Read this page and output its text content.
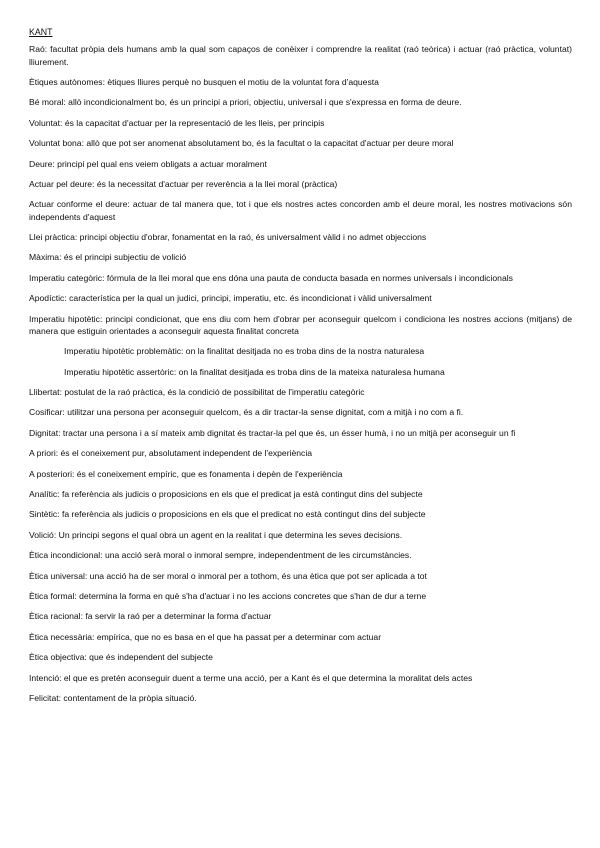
KANT
Raó: facultat pròpia dels humans amb la qual som capaços de conèixer i comprendre la realitat (raó teòrica) i actuar (raó pràctica, voluntat) lliurement.
Ètiques autònomes: ètiques lliures perquè no busquen el motiu de la voluntat fora d'aquesta
Bé moral: allò incondicionalment bo, és un principi a priori, objectiu, universal i que s'expressa en forma de deure.
Voluntat: és la capacitat d'actuar per la representació de les lleis, per principis
Voluntat bona: allò que pot ser anomenat absolutament bo, és la facultat o la capacitat d'actuar per deure moral
Deure: principi pel qual ens veiem obligats a actuar moralment
Actuar pel deure: és la necessitat d'actuar per reverència a la llei moral (pràctica)
Actuar conforme el deure: actuar de tal manera que, tot i que els nostres actes concorden amb el deure moral, les nostres motivacions són independents d'aquest
Llei pràctica: principi objectiu d'obrar, fonamentat en la raó, és universalment vàlid i no admet objeccions
Màxima: és el principi subjectiu de volició
Imperatiu categòric: fórmula de la llei moral que ens dóna una pauta de conducta basada en normes universals i incondicionals
Apodíctic: característica per la qual un judici, principi, imperatiu, etc. és incondicionat i vàlid universalment
Imperatiu hipotètic: principi condicionat, que ens diu com hem d'obrar per aconseguir quelcom i condiciona les nostres accions (mitjans) de manera que estiguin orientades a aconseguir aquesta finalitat concreta
Imperatiu hipotètic problemàtic: on la finalitat desitjada no es troba dins de la nostra naturalesa
Imperatiu hipotètic assertòric: on la finalitat desitjada es troba dins de la mateixa naturalesa humana
Llibertat: postulat de la raó pràctica, és la condició de possibilitat de l'imperatiu categòric
Cosificar: utilitzar una persona per aconseguir quelcom, és a dir tractar-la sense dignitat, com a mitjà i no com a fi.
Dignitat: tractar una persona i a sí mateix amb dignitat és tractar-la pel que és, un ésser humà, i no un mitjà per aconseguir un fi
A priori: és el coneixement pur, absolutament independent de l'experiència
A posteriori: és el coneixement empíric, que es fonamenta i depèn de l'experiència
Analític: fa referència als judicis o proposicions en els que el predicat ja està contingut dins del subjecte
Sintètic: fa referència als judicis o proposicions en els que el predicat no està contingut dins del subjecte
Volició: Un principi segons el qual obra un agent en la realitat i que determina les seves decisions.
Ètica incondicional: una acció serà moral o inmoral sempre, independentment de les circumstàncies.
Ètica universal: una acció ha de ser moral o inmoral per a tothom, és una ètica que pot ser aplicada a tot
Ètica formal: determina la forma en què s'ha d'actuar i no les accions concretes que s'han de dur a terne
Ètica racional: fa servir la raó per a determinar la forma d'actuar
Ètica necessària: empírica, que no es basa en el que ha passat per a determinar com actuar
Ètica objectiva: que és independent del subjecte
Intenció: el que es pretén aconseguir duent a terme una acció, per a Kant és el que determina la moralitat dels actes
Felicitat: contentament de la pròpia situació.
